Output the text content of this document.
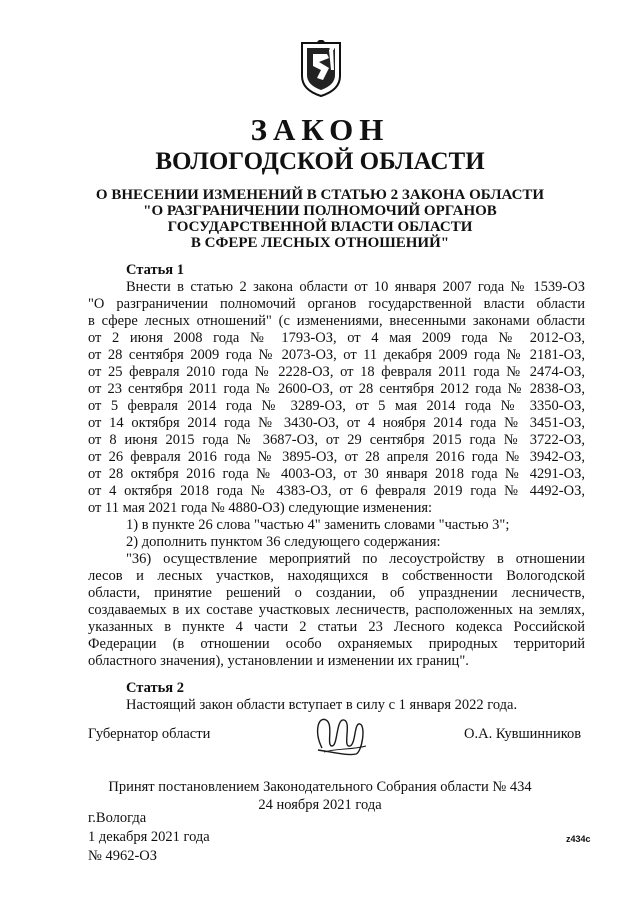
ЗАКОН
ВОЛОГОДСКОЙ ОБЛАСТИ
О ВНЕСЕНИИ ИЗМЕНЕНИЙ В СТАТЬЮ 2 ЗАКОНА ОБЛАСТИ
"О РАЗГРАНИЧЕНИИ ПОЛНОМОЧИЙ ОРГАНОВ
ГОСУДАРСТВЕННОЙ ВЛАСТИ ОБЛАСТИ
В СФЕРЕ ЛЕСНЫХ ОТНОШЕНИЙ"
Статья 1
Внести в статью 2 закона области от 10 января 2007 года № 1539-ОЗ
"О разграничении полномочий органов государственной власти области
в сфере лесных отношений" (с изменениями, внесенными законами области
от 2 июня 2008 года № 1793-ОЗ, от 4 мая 2009 года № 2012-ОЗ,
от 28 сентября 2009 года № 2073-ОЗ, от 11 декабря 2009 года № 2181-ОЗ,
от 25 февраля 2010 года № 2228-ОЗ, от 18 февраля 2011 года № 2474-ОЗ,
от 23 сентября 2011 года № 2600-ОЗ, от 28 сентября 2012 года № 2838-ОЗ,
от 5 февраля 2014 года № 3289-ОЗ, от 5 мая 2014 года № 3350-ОЗ,
от 14 октября 2014 года № 3430-ОЗ, от 4 ноября 2014 года № 3451-ОЗ,
от 8 июня 2015 года № 3687-ОЗ, от 29 сентября 2015 года № 3722-ОЗ,
от 26 февраля 2016 года № 3895-ОЗ, от 28 апреля 2016 года № 3942-ОЗ,
от 28 октября 2016 года № 4003-ОЗ, от 30 января 2018 года № 4291-ОЗ,
от 4 октября 2018 года № 4383-ОЗ, от 6 февраля 2019 года № 4492-ОЗ,
от 11 мая 2021 года № 4880-ОЗ) следующие изменения:
1) в пункте 26 слова "частью 4" заменить словами "частью 3";
2) дополнить пунктом 36 следующего содержания:
"36) осуществление мероприятий по лесоустройству в отношении
лесов и лесных участков, находящихся в собственности Вологодской
области, принятие решений о создании, об упразднении лесничеств,
создаваемых в их составе участковых лесничеств, расположенных на землях,
указанных в пункте 4 части 2 статьи 23 Лесного кодекса Российской
Федерации (в отношении особо охраняемых природных территорий
областного значения), установлении и изменении их границ".
Статья 2
Настоящий закон области вступает в силу с 1 января 2022 года.
Губернатор области	О.А. Кувшинников
Принят постановлением Законодательного Собрания области № 434
24 ноября 2021 года
г.Вологда
1 декабря 2021 года
№ 4962-ОЗ
z434c
